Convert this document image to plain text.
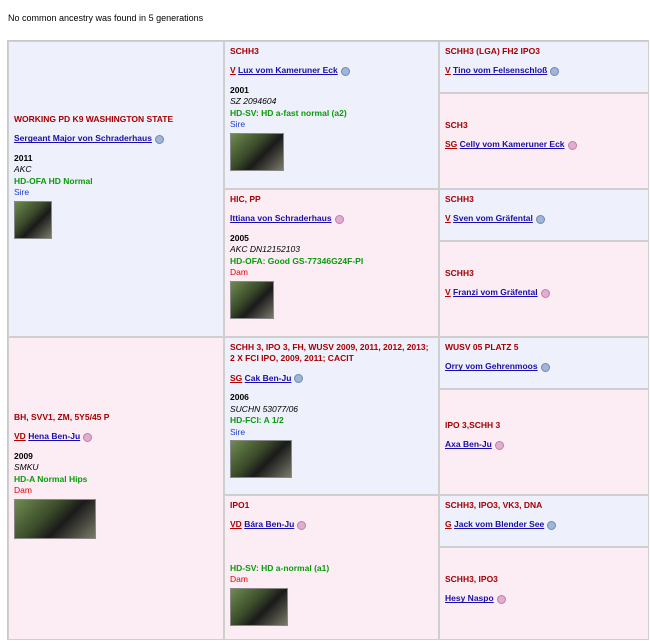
No common ancestry was found in 5 generations
WORKING PD K9 WASHINGTON STATE
Sergeant Major von Schraderhaus
2011
AKC
HD-OFA HD Normal
Sire
BH, SVV1, ZM, 5Y5/45 P
VD Hena Ben-Ju
2009
SMKU
HD-A Normal Hips
Dam
SCHH3
V Lux vom Kameruner Eck
2001
SZ 2094604
HD-SV: HD a-fast normal (a2)
Sire
HIC, PP
Ittiana von Schraderhaus
2005
AKC DN12152103
HD-OFA: Good GS-77346G24F-PI
Dam
SCHH 3, IPO 3, FH, WUSV 2009, 2011, 2012, 2013; 2 X FCI IPO, 2009, 2011; CACIT
SG Cak Ben-Ju
2006
SUCHN 53077/06
HD-FCI: A 1/2
Sire
IPO1
VD Bára Ben-Ju
HD-SV: HD a-normal (a1)
Dam
SCHH3 (LGA) FH2 IPO3
V Tino vom Felsenschloß
SCH3
SG Celly vom Kameruner Eck
SCHH3
V Sven vom Gräfental
SCHH3
V Franzi vom Gräfental
WUSV 05 PLATZ 5
Orry vom Gehrenmoos
IPO 3,SCHH 3
Axa Ben-Ju
SCHH3, IPO3, VK3, DNA
G Jack vom Blender See
SCHH3, IPO3
Hesy Naspo
